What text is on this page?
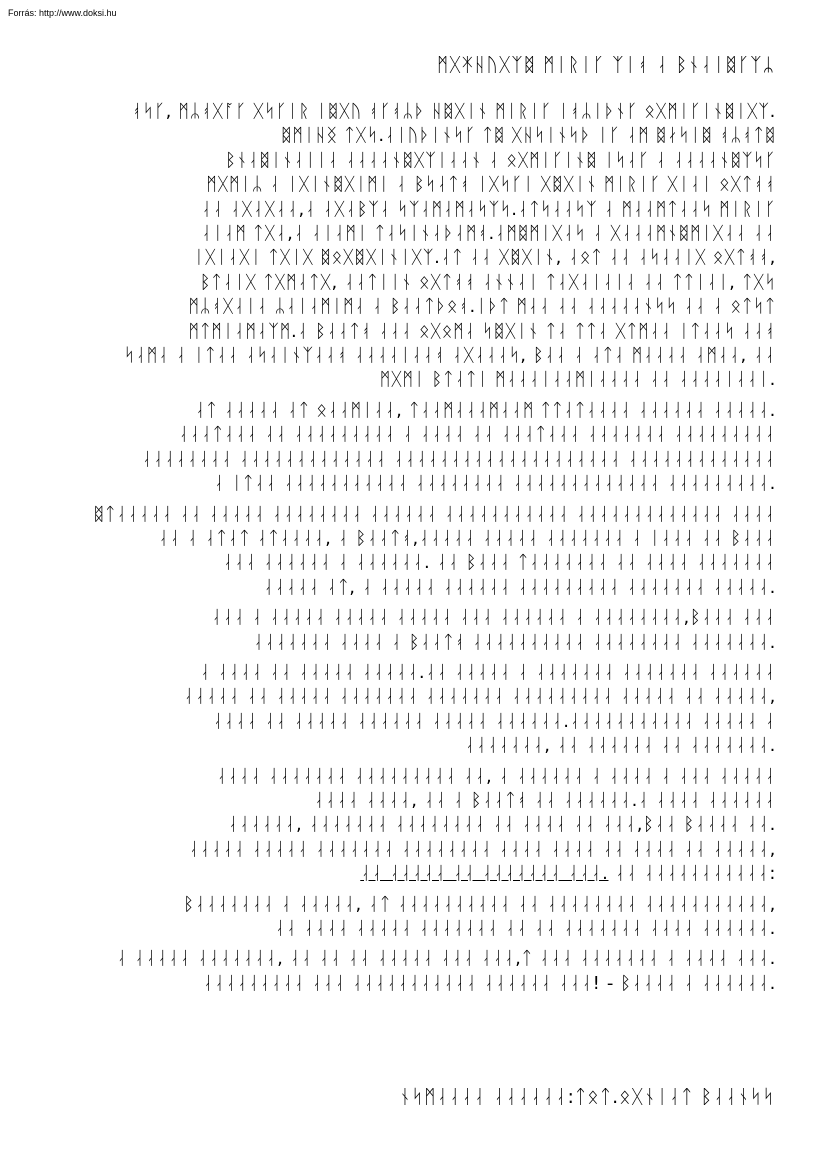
Forrás: http://www.doksi.hu
ᛗᚷᛡᚺᚢᚷᛉᛥ ᛗᛁᚱᛁᚴ ᛉᛁᚮ ᛆ ᛒᚾᛆᛁᛥᚴᛉᛦ
ᚮᛋᚴ, ᛗᛦᚮᚷᚪᚴ ᚷᛋᚴᛁᚱ ᛁᛥᚷᚢ ᚮᚴᚮᛦᚦ ᚺᛥᚷᛁᚾ ᛗᛁᚱᛁᚴ ᛁᚮᛦᛁᚦᚾᚴ ᛟᚷᛗᛁᚴᛁᚾᛥᛁᚷᛉ.
ᛥᛗᛁᚺᛝ ᛏᚷᛋ.ᛆᛁᚢᚦᛁᚾᛋᚴ ᛏᛥ ᚷᚺᛋᛁᚾᛋᚦ ᛁᚴ ᛆᛗ ᛥᛅᛋᛁᛥ ᚮᛦᚮᛏᛥ
ᛒᚾᛆᛥᛁᚾᛆᛁᛁᛆ ᛆᛆᛆᛆᚾᛥᚷᛉᛁᛆᛆᚾ ᛆ ᛟᚷᛗᛁᚴᛁᚾᛥ ᛁᛋᛆᚴ ᛆ ᛆᛆᛆᛆᚾᛥᛉᛋᚴ
ᛗᚷᛗᛁᛦ ᛆ ᛁᚷᛁᚾᛥᚷᛁᛗᛁ ᛆ ᛒᛋᛆᛏᚮ ᛁᚷᛋᚴᛁ ᚷᛥᚷᛁᚾ ᛗᛁᚱᛁᚴ ᚷᛁᛆᛁ ᛟᚷᛏᚮᚮ
ᛆᛆ ᛆᚷᛆᚷᛆᛆ,ᛆ ᛆᚷᛆᛒᛉᛆ ᛋᛉᛆᛗᛆᛗᛆᛋᛉᛋ.ᛆᛏᛋᛆᛆᛋᛉ ᛆ ᛗᛆᛆᛗᛏᛆᛆᛋ ᛗᛁᚱᛁᚴ
ᛆᛁᛆᛗ ᛏᚷᛆ,ᛆ ᛆᛁᛆᛗᛁ ᛏᛆᛋᛁᚾᛆᚦᛆᛗᚮ.ᛆᛗᛥᛗᛁᚷᛆᛋ ᛆ ᚷᛆᛆᛆᛗᚾᛥᛗᛁᚷᛆᛆ ᛆᛆ
ᛁᚷᛁᛆᚷᛁ ᛏᚷᛁᚷ ᛥᛟᚷᛥᚷᛁᚾᛁᚷᛉ.ᛆᛏ ᛆᛆ ᚷᛥᚷᛁᚾ, ᛆᛟᛏ ᛆᛆ ᛆᛋᛆᛆᛁᚷ ᛟᚷᛏᚮᚮ,
ᛒᛏᛆᛁᚷ ᛏᚷᛗᛆᛏᚷ, ᛆᛆᛏᛁᛁᚾ ᛟᚷᛏᚮᚮ ᛆᚾᚾᛆᛁ ᛏᛆᚷᛆᛁᛆᛁᛆ ᛆᛆ ᛏᛏᛁᛆᛁ, ᛏᚷᛋ
ᛗᛦᚮᚷᛆᛁᛆ ᛦᛆᛁᛆᛗᛁᛗᛆ ᛆ ᛒᛆᛆᛏᚦᛟᚮ.ᛁᚦᛏ ᛗᛆᛆ ᛆᛆ ᛆᛆᛆᛆᛆᚾᛋᛋ ᛆᛆ ᛆ ᛟᛏᛋᛏ
ᛗᛏᛗᛁᛆᛗᛆᛉᛗ.ᛆ ᛒᛆᛆᛏᚮ ᛆᛆᛆ ᛟᚷᛟᛗᛆ ᛋᛥᚷᛁᚾ ᛏᛆ ᛏᛏᛆ ᚷᛏᛗᛆᛆ ᛁᛏᛆᛆᛋ ᛆᛆᚮ
ᛋᛆᛗᛆ ᛆ ᛁᛏᛆᛆ ᛆᛋᛆᛁᚾᛉᛆᛆᚮ ᛆᛆᛆᛆᛁᛆᛆᚮ ᛆᚷᛆᛆᛆᛋ, ᛒᛆᛆ ᛆ ᛆᛏᛆ ᛗᛆᛆᛆᛆ ᛆᛗᛆᛆ, ᛆᛆ
ᛗᚷᛗᛁ ᛒᛏᛆᛏᛁ ᛗᛆᛆᛆᛁᛆᛆᛗᛁᛆᛆᛆᛆ ᛆᛆ ᛆᛆᛆᛆᛁᛆᛆᛁ.
ᛆᛏ ᛆᛆᛆᛆᛆ ᛆᛏ ᛟᛆᛆᛗᛁᛆᛆ, ᛏᛆᛆᛗᛆᛆᛆᛗᛆᛆᛗ ᛏᛏᛆᛏᛆᛆᛆᛆ ᛆᛆᛆᛆᛆᛆ ᛆᛆᛆᛆᛆ.
ᛆᛆᛆᛏᛆᛆᛆ ᛆᛆ ᛆᛆᛆᛆᛆᛆᛆᛆᛆ ᛆ ᛆᛆᛆᛆ ᛆᛆ ᛆᛆᛆᛏᛆᛆᛆ ᛆᛆᛆᛆᛆᛆᛆ ᛆᛆᛆᛆᛆᛆᛆᛆᛆ
ᛆᛆᛆᛆᛆᛆᛆᛆ ᛆᛆᛆᛆᛆᛆᛆᛆᛆᛆᛆᛆᛆ ᛆᛆᛆᛆᛆᛆᛆᛆᛆᛆᛆᛆᛆᛆᛆᛆᛆᛆᛆᛆ ᛆᛆᛆᛆᛆᛆᛆᛆᛆᛆᛆᛆᛆ
ᛆ ᛁᛏᛆᛆ ᛆᛆᛆᛆᛆᛆᛆᛆᛆᛆᛆ ᛆᛆᛆᛆᛆᛆᛆᛆ ᛆᛆᛆᛆᛆᛆᛆᛆᛆᛆᛆᛆᛆ ᛆᛆᛆᛆᛆᛆᛆᛆᛆ.
ᛥᛏᛆᛆᛆᛆᛆ ᛆᛆ ᛆᛆᛆᛆᛆ ᛆᛆᛆᛆᛆᛆᛆᛆ ᛆᛆᛆᛆᛆᛆ ᛆᛆᛆᛆᛆᛆᛆᛆᛆᛆᛆ ᛆᛆᛆᛆᛆᛆᛆᛆᛆᛆᛆᛆᛆ ᛆᛆᛆᛆ
ᛆᛆ ᛆ ᛆᛏᛆᛏ ᛆᛏᛆᛆᛆᛆ, ᛆ ᛒᛆᛆᛏᚮ,ᛆᛆᛆᛆᛆ ᛆᛆᛆᛆᛆ ᛆᛆᛆᛆᛆᛆᛆ ᛆ ᛁᛆᛆᛆ ᛆᛆ ᛒᛆᛆᛆ
ᛆᛆᛆ ᛆᛆᛆᛆᛆᛆ ᛆ ᛆᛆᛆᛆᛆᛆ. ᛆᛆ ᛒᛆᛆᛆ ᛏᛆᛆᛆᛆᛆᛆᛆ ᛆᛆ ᛆᛆᛆᛆ ᛆᛆᛆᛆᛆᛆᛆ
ᛆᛆᛆᛆᛆ ᛆᛏ, ᛆ ᛆᛆᛆᛆᛆ ᛆᛆᛆᛆᛆᛆ ᛆᛆᛆᛆᛆᛆᛆᛆᛆ ᛆᛆᛆᛆᛆᛆᛆ ᛆᛆᛆᛆᛆ.
ᛆᛆᛆ ᛆ ᛆᛆᛆᛆᛆ ᛆᛆᛆᛆᛆ ᛆᛆᛆᛆᛆ ᛆᛆᛆ ᛆᛆᛆᛆᛆᛆ ᛆ ᛆᛆᛆᛆᛆᛆᛆᛆ,ᛒᛆᛆᛆ ᛆᛆᛆ
ᛆᛆᛆᛆᛆᛆᛆ ᛆᛆᛆᛆ ᛆ ᛒᛆᛆᛏᚮ ᛆᛆᛆᛆᛆᛆᛆᛆᛆᛆ ᛆᛆᛆᛆᛆᛆᛆᛆ ᛆᛆᛆᛆᛆᛆᛆ.
ᛆ ᛆᛆᛆᛆ ᛆᛆ ᛆᛆᛆᛆᛆ ᛆᛆᛆᛆᛆ.ᛆᛆ ᛆᛆᛆᛆᛆ ᛆ ᛆᛆᛆᛆᛆᛆᛆ ᛆᛆᛆᛆᛆᛆᛆ ᛆᛆᛆᛆᛆᛆ
ᛆᛆᛆᛆᛆ ᛆᛆ ᛆᛆᛆᛆᛆ ᛆᛆᛆᛆᛆᛆᛆ ᛆᛆᛆᛆᛆᛆᛆ ᛆᛆᛆᛆᛆᛆᛆᛆᛆ ᛆᛆᛆᛆᛆ ᛆᛆ ᛆᛆᛆᛆᛆ,
ᛆᛆᛆᛆ ᛆᛆ ᛆᛆᛆᛆᛆ ᛆᛆᛆᛆᛆᛆ ᛆᛆᛆᛆᛆ ᛆᛆᛆᛆᛆᛆ.ᛆᛆᛆᛆᛆᛆᛆᛆᛆᛆᛆ ᛆᛆᛆᛆᛆ ᛆ
ᛆᛆᛆᛆᛆᛆᛆ, ᛆᛆ ᛆᛆᛆᛆᛆᛆ ᛆᛆ ᛆᛆᛆᛆᛆᛆᛆ.
ᛆᛆᛆᛆ ᛆᛆᛆᛆᛆᛆᛆ ᛆᛆᛆᛆᛆᛆᛆᛆᛆ ᛆᛆ, ᛆ ᛆᛆᛆᛆᛆᛆ ᛆ ᛆᛆᛆᛆ ᛆ ᛆᛆᛆ ᛆᛆᛆᛆᛆ
ᛆᛆᛆᛆ ᛆᛆᛆᛆ, ᛆᛆ ᛆ ᛒᛆᛆᛏᚮ ᛆᛆ ᛆᛆᛆᛆᛆᛆ.ᛆ ᛆᛆᛆᛆ ᛆᛆᛆᛆᛆᛆ
ᛆᛆᛆᛆᛆᛆ, ᛆᛆᛆᛆᛆᛆᛆ ᛆᛆᛆᛆᛆᛆᛆᛆ ᛆᛆ ᛆᛆᛆᛆ ᛆᛆ ᛆᛆᛆ,ᛒᛆᛆ ᛒᛆᛆᛆᛆ ᛆᛆ.
ᛆᛆᛆᛆᛆ ᛆᛆᛆᛆᛆ ᛆᛆᛆᛆᛆᛆᛆ ᛆᛆᛆᛆᛆᛆᛆᛆ ᛆᛆᛆᛆ ᛆᛆᛆᛆ ᛆᛆ ᛆᛆᛆᛆ ᛆᛆ ᛆᛆᛆᛆᛆ,
ᛆᛆ ᛆᛆᛆᛆᛆ ᛆᛆ ᛆᛆᛆᛆᛆᛆᛆ ᛆᛆᛆ. ᛆᛆ ᛆᛆᛆᛆᛆᛆᛆᛆᛆᛆᛆ:
ᛒᛆᛆᛆᛆᛆᛆᛆ ᛆ ᛆᛆᛆᛆᛆ, ᛆᛏ ᛆᛆᛆᛆᛆᛆᛆᛆᛆᛆ ᛆᛆ ᛆᛆᛆᛆᛆᛆᛆᛆ ᛆᛆᛆᛆᛆᛆᛆᛆᛆᛆᛆ,
ᛆᛆ ᛆᛆᛆᛆ ᛆᛆᛆᛆᛆ ᛆᛆᛆᛆᛆᛆᛆ ᛆᛆ ᛆᛆ ᛆᛆᛆᛆᛆᛆᛆ ᛆᛆᛆᛆ ᛆᛆᛆᛆᛆᛆ.
ᛆ ᛆᛆᛆᛆᛆ ᛆᛆᛆᛆᛆᛆᛆ, ᛆᛆ ᛆᛆ ᛆᛆ ᛆᛆᛆᛆᛆ ᛆᛆᛆ ᛆᛆᛆ,ᛏ ᛆᛆᛆ ᛆᛆᛆᛆᛆᛆᛆ ᛆ ᛆᛆᛆᛆ ᛆᛆᛆ.
ᛆᛆᛆᛆᛆᛆᛆᛆᛆ ᛆᛆᛆ ᛆᛆᛆᛆᛆᛆᛆᛆᛆᛆᛆ ᛆᛆᛆᛆᛆᛆ ᛆᛆᛆ! - ᛒᛆᛆᛆᛆ ᛆ ᛆᛆᛆᛆᛆᛆ.
ᚾᛋᛗᛆᛆᛆᛆ ᛆᛆᛆᛆᛆᛆ:ᛏᛟᛏ.ᛟᚷᚾᛁᛆᛏ ᛒᛆᛆᚾᛋᛋ
